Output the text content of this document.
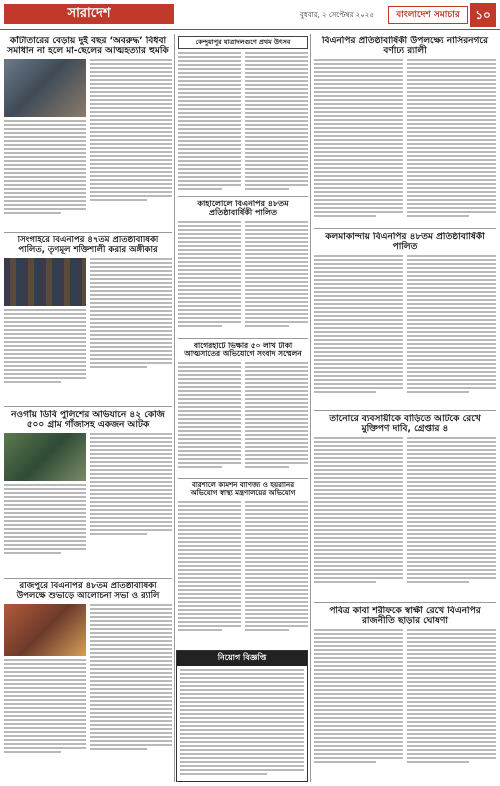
সারাদেশ	বুধবার, ২ সেপ্টেম্বর ২০২৫	বাংলাদেশ সমাচার	১০
কাঁটাতারের বেড়ায় দুই বছর ‘অবরুদ্ধ’ বিধবা সমাধান না হলে মা-ছেলের আত্মহত্যার হুমকি
সিংগাইরে বিএনপির ৪৭তম প্রতিষ্ঠাবার্ষিকী পালিত, তৃণমূল শক্তিশালী করার অঙ্গীকার
নওগাঁয় ডিবি পুলিশের অভিযানে ৪২ কেজি ৫০০ গ্রাম গাঁজাসহ একজন আটক
রাজপুরে বিএনপির ৪৮তম প্রতিষ্ঠাবার্ষিকী উপলক্ষে শুভাড়ে আলোচনা সভা ও র‍্যালি
কেন্দুয়াপুর যাত্রাদলগুণে প্রথম উৎসব
কাহালোলে বিএনপির ৪৮তম প্রতিষ্ঠাবার্ষিকী পালিত
বাগেরহাটে ভিক্ষার ৫০ লাখ টাকা আত্মসাতের অভিযোগে সংবাদ সম্মেলন
বরিশালে কমিশন বাণিজ্য ও হয়রানির অভিযোগ স্বাস্থ্য মন্ত্রণালয়ের অভিযোগ
নিয়োগ বিজ্ঞপ্তি
বিএনপির প্রতিষ্ঠাবার্ষিকী উপলক্ষ্যে নাসিরনগরে বর্ণাঢ্য র‍্যালী
কলমাকান্দায় বিএনপির ৪৮তম প্রতিষ্ঠাবার্ষিকী পালিত
তানোরে ব্যবসায়ীকে বাড়িতে আটকে রেখে মুক্তিপণ দাবি, গ্রেপ্তার ৪
পবিত্র কাবা শরীফকে স্বাক্ষী রেখে বিএনপির রাজনীতি ছাড়ার ঘোষণা
